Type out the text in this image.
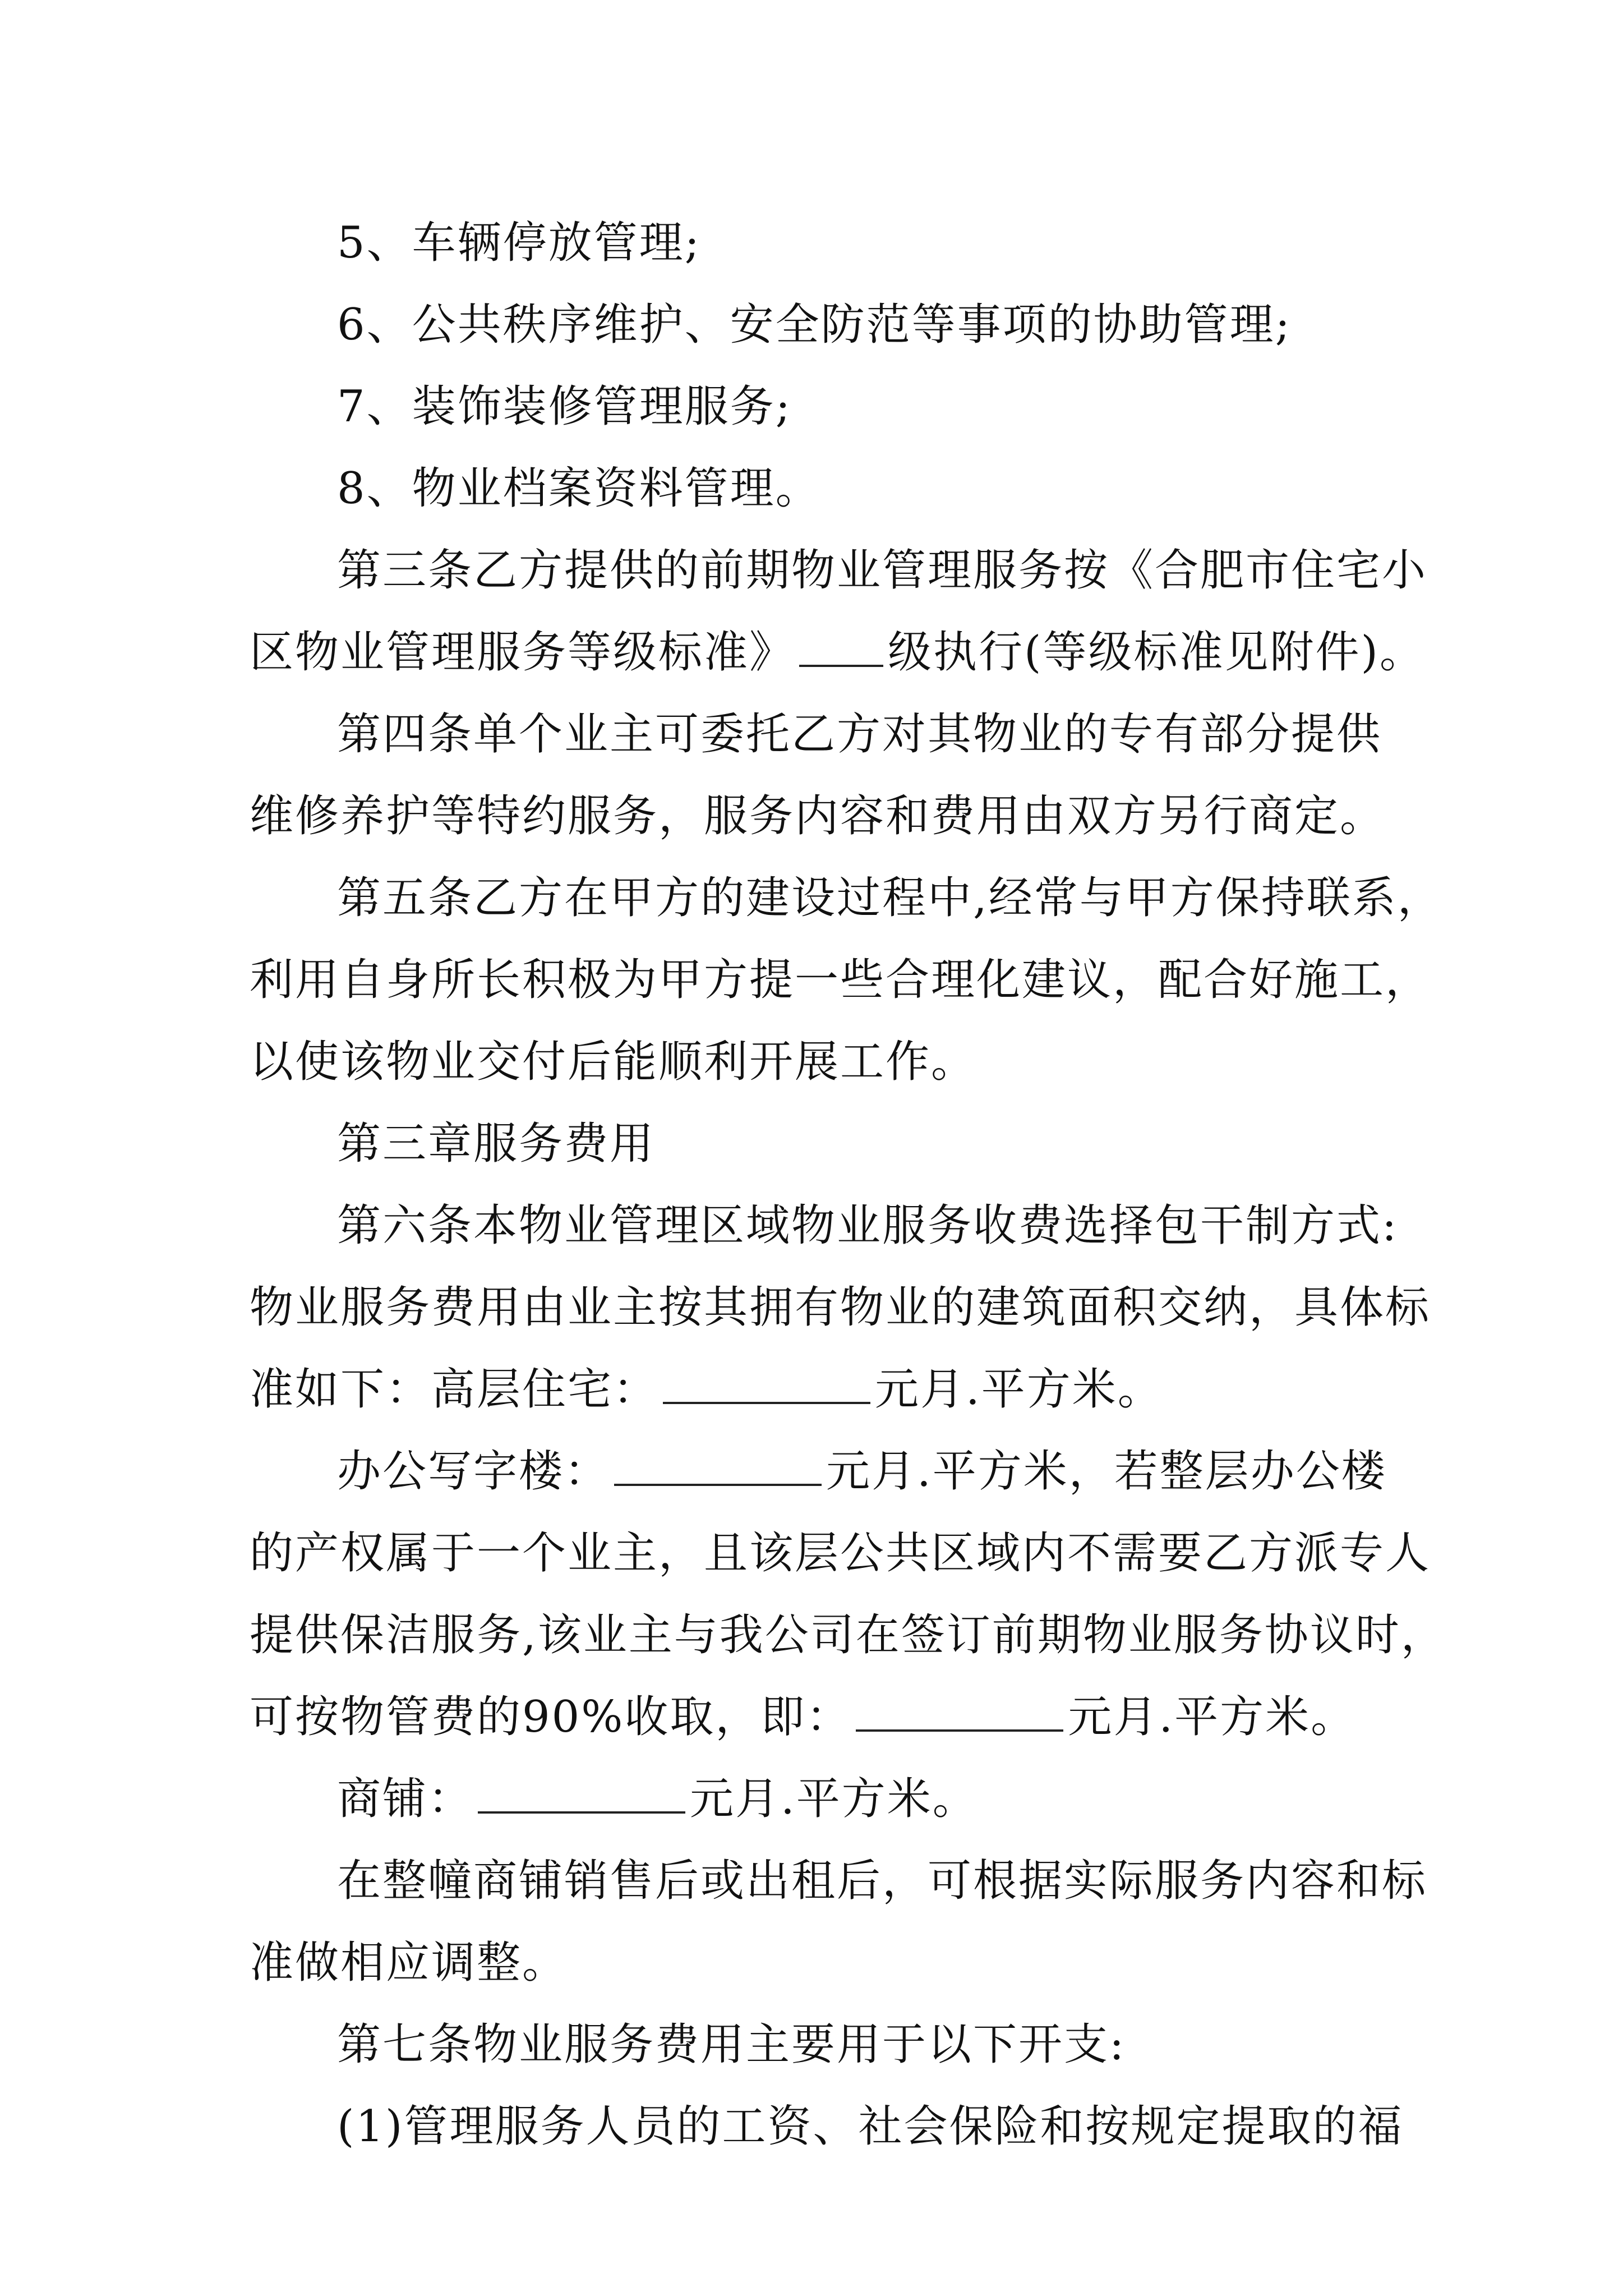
5、车辆停放管理;
6、公共秩序维护、安全防范等事项的协助管理;
7、装饰装修管理服务;
8、物业档案资料管理。
第三条乙方提供的前期物业管理服务按《合肥市住宅小
区物业管理服务等级标准》 级执行(等级标准见附件)。
第四条单个业主可委托乙方对其物业的专有部分提供
维修养护等特约服务，服务内容和费用由双方另行商定。
第五条乙方在甲方的建设过程中,经常与甲方保持联系，
利用自身所长积极为甲方提一些合理化建议，配合好施工，
以使该物业交付后能顺利开展工作。
第三章服务费用
第六条本物业管理区域物业服务收费选择包干制方式:
物业服务费用由业主按其拥有物业的建筑面积交纳，具体标
准如下：高层住宅：	元月.平方米。
办公写字楼：	元月.平方米，若整层办公楼
的产权属于一个业主，且该层公共区域内不需要乙方派专人
提供保洁服务,该业主与我公司在签订前期物业服务协议时，
可按物管费的90%收取，即：	元月.平方米。
商铺：	元月.平方米。
在整幢商铺销售后或出租后，可根据实际服务内容和标
准做相应调整。
第七条物业服务费用主要用于以下开支:
(1)管理服务人员的工资、社会保险和按规定提取的福
